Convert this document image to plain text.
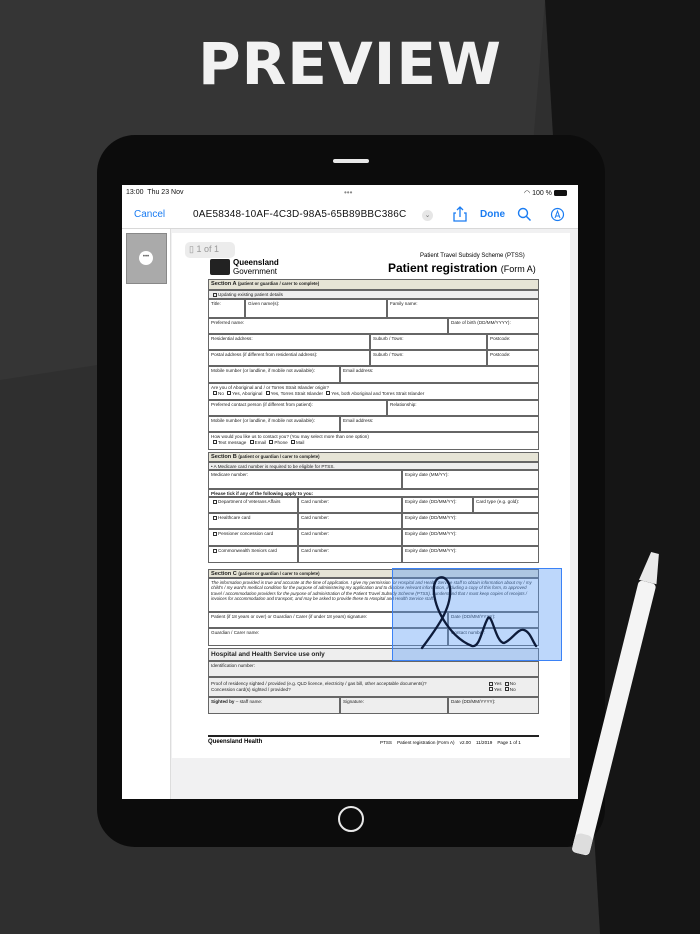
PREVIEW
13:00 Thu 23 Nov	•••	◠ 100 %
Cancel	0AE58348-10AF-4C3D-98A5-65B89BBC386C	⌄	Done
•••
▯ 1 of 1
Queensland
Government
Patient Travel Subsidy Scheme (PTSS)
Patient registration (Form A)
Section A (patient or guardian / carer to complete)
Updating existing patient details
Title:	Given name(s):	Family name:
Preferred name:	Date of birth (DD/MM/YYYY):
Residential address:	Suburb / Town:	Postcode:
Postal address (if different from residential address):	Suburb / Town:	Postcode:
Mobile number (or landline, if mobile not available):	Email address:
Are you of Aboriginal and / or Torres Strait Islander origin?
No Yes, Aboriginal Yes, Torres Strait Islander Yes, both Aboriginal and Torres Strait Islander
Preferred contact person (if different from patient):	Relationship:
Mobile number (or landline, if mobile not available):	Email address:
How would you like us to contact you? (You may select more than one option)
Text message Email Phone Mail
Section B (patient or guardian / carer to complete)
• A Medicare card number is required to be eligible for PTSS.
Medicare number:	Expiry date (MM/YY):
Please tick if any of the following apply to you:
Department of Veterans Affairs	Card number:	Expiry date (DD/MM/YY):	Card type (e.g. gold):
Healthcare card	Card number:	Expiry date (DD/MM/YY):
Pensioner concession card	Card number:	Expiry date (DD/MM/YY):
Commonwealth Seniors card	Card number:	Expiry date (DD/MM/YY):
Section C (patient or guardian / carer to complete)
The information provided is true and accurate at the time of application. I give my permission for Hospital and Health Service staff to obtain information about my / my child's / my ward's medical condition for the purpose of administering my application and to disclose relevant information, including a copy of this form, to approved travel / accommodation providers for the purpose of administration of the Patient Travel Subsidy Scheme (PTSS). I understand that I must keep copies of receipts / invoices for accommodation and transport, and may be asked to provide these to Hospital and Health Service staff.
Patient (if 18 years or over) or Guardian / Carer (if under 18 years) signature:	Date (DD/MM/YYYY):
Guardian / Carer name:	Contact number:
Hospital and Health Service use only
Identification number:
Proof of residency sighted / provided (e.g. QLD licence, electricity / gas bill, other acceptable documents)?
Concession card(s) sighted / provided?
Yes No
Yes No
Sighted by – staff name:	Signature:	Date (DD/MM/YYYY):
Queensland Health	PTSS    Patient registration (Form A)    v2.00    11/2019    Page 1 of 1
